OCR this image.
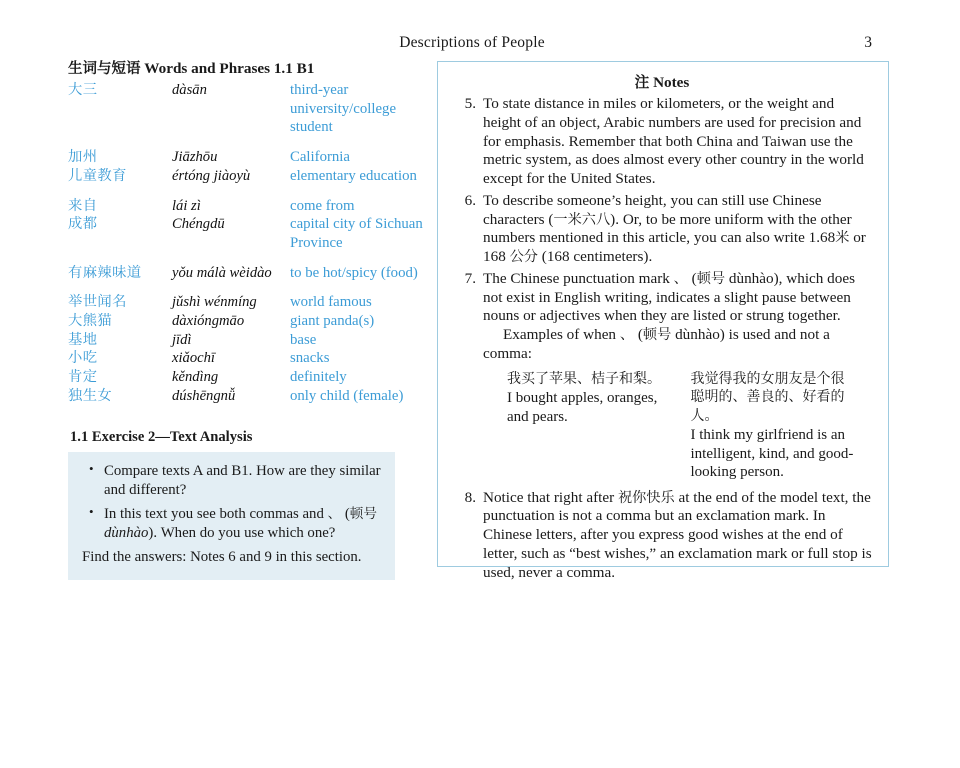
Descriptions of People	3
生词与短语 Words and Phrases 1.1 B1
大三	dàsān	third-year university/college student
加州	Jiāzhōu	California
儿童教育	értóng jiàoyù	elementary education
来自	lái zì	come from
成都	Chéngdū	capital city of Sichuan Province
有麻辣味道	yǒu málà wèidào	to be hot/spicy (food)
举世闻名	jǔshì wénmíng	world famous
大熊猫	dàxióngmāo	giant panda(s)
基地	jīdì	base
小吃	xiǎochī	snacks
肯定	kěndìng	definitely
独生女	dúshēngnǚ	only child (female)
1.1 Exercise 2—Text Analysis
• Compare texts A and B1. How are they similar and different?
• In this text you see both commas and 、 (顿号 dùnhào). When do you use which one?

Find the answers: Notes 6 and 9 in this section.

注 Notes
5. To state distance in miles or kilometers, or the weight and height of an object, Arabic numbers are used for precision and for emphasis. Remember that both China and Taiwan use the metric system, as does almost every other country in the world except for the United States.
6. To describe someone’s height, you can still use Chinese characters (一米六八). Or, to be more uniform with the other numbers mentioned in this article, you can also write 1.68米 or 168 公分 (168 centimeters).
7. The Chinese punctuation mark 、 (顿号 dùnhào), which does not exist in English writing, indicates a slight pause between nouns or adjectives when they are listed or strung together.
Examples of when 、 (顿号 dùnhào) is used and not a comma:
我买了苹果、桔子和梨。
I bought apples, oranges, and pears.
我觉得我的女朋友是个很聪明的、善良的、好看的人。
I think my girlfriend is an intelligent, kind, and good-looking person.
8. Notice that right after 祝你快乐 at the end of the model text, the punctuation is not a comma but an exclamation mark. In Chinese letters, after you express good wishes at the end of letter, such as “best wishes,” an exclamation mark or full stop is used, never a comma.
